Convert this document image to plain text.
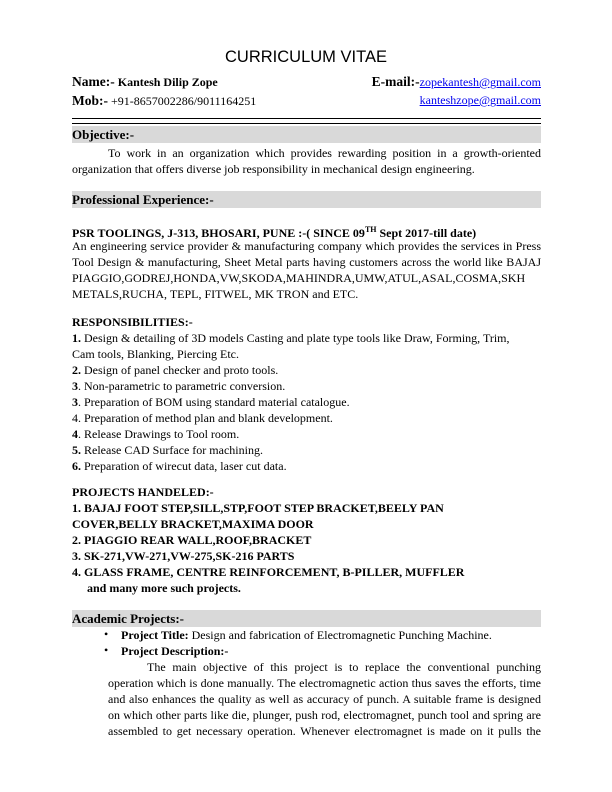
CURRICULUM VITAE
Name:- Kantesh Dilip Zope	E-mail:-zopekantesh@gmail.com
Mob:- +91-8657002286/9011164251	kanteshzope@gmail.com
Objective:-
To work in an organization which provides rewarding position in a growth-oriented
organization that offers diverse job responsibility in mechanical design engineering.
Professional Experience:-
PSR TOOLINGS, J-313, BHOSARI, PUNE :-( SINCE 09TH Sept 2017-till date)
An engineering service provider & manufacturing company which provides the services in Press
Tool Design & manufacturing, Sheet Metal parts having customers across the world like BAJAJ
PIAGGIO,GODREJ,HONDA,VW,SKODA,MAHINDRA,UMW,ATUL,ASAL,COSMA,SKH
METALS,RUCHA, TEPL, FITWEL, MK TRON and ETC.
RESPONSIBILITIES:-
1. Design & detailing of 3D models Casting and plate type tools like Draw, Forming, Trim,
Cam tools, Blanking, Piercing Etc.
2. Design of panel checker and proto tools.
3. Non-parametric to parametric conversion.
3. Preparation of BOM using standard material catalogue.
4. Preparation of method plan and blank development.
4. Release Drawings to Tool room.
5. Release CAD Surface for machining.
6. Preparation of wirecut data, laser cut data.
PROJECTS HANDELED:-
1. BAJAJ FOOT STEP,SILL,STP,FOOT STEP BRACKET,BEELY PAN
COVER,BELLY BRACKET,MAXIMA DOOR
2. PIAGGIO REAR WALL,ROOF,BRACKET
3. SK-271,VW-271,VW-275,SK-216 PARTS
4. GLASS FRAME, CENTRE REINFORCEMENT, B-PILLER, MUFFLER
and many more such projects.
Academic Projects:-
• Project Title: Design and fabrication of Electromagnetic Punching Machine.
• Project Description:-
The main objective of this project is to replace the conventional punching
operation which is done manually. The electromagnetic action thus saves the efforts, time
and also enhances the quality as well as accuracy of punch. A suitable frame is designed
on which other parts like die, plunger, push rod, electromagnet, punch tool and spring are
assembled to get necessary operation. Whenever electromagnet is made on it pulls the
